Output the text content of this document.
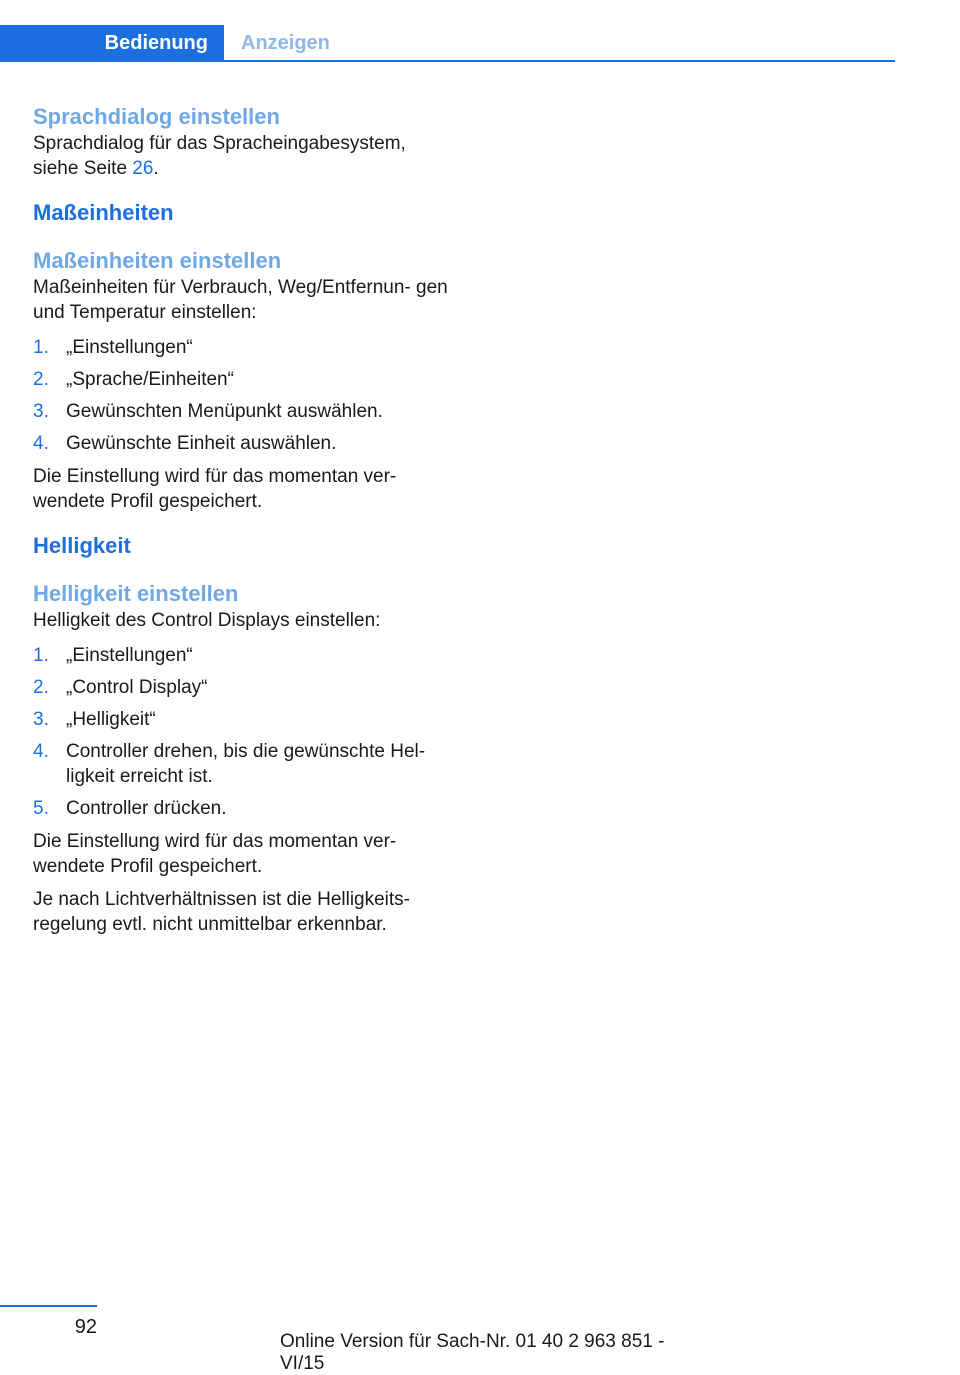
Bedienung	Anzeigen
Sprachdialog einstellen

Sprachdialog für das Spracheingabesystem, siehe Seite 26.

Maßeinheiten
Maßeinheiten einstellen

Maßeinheiten für Verbrauch, Weg/Entfernun‐ gen und Temperatur einstellen:

1. „Einstellungen“
2. „Sprache/Einheiten“
3. Gewünschten Menüpunkt auswählen.
4. Gewünschte Einheit auswählen.

Die Einstellung wird für das momentan ver‐ wendete Profil gespeichert.

Helligkeit
Helligkeit einstellen

Helligkeit des Control Displays einstellen:

1. „Einstellungen“
2. „Control Display“
3. „Helligkeit“
4. Controller drehen, bis die gewünschte Hel‐ ligkeit erreicht ist.
5. Controller drücken.

Die Einstellung wird für das momentan ver‐ wendete Profil gespeichert.

Je nach Lichtverhältnissen ist die Helligkeits‐ regelung evtl. nicht unmittelbar erkennbar.

92
Online Version für Sach-Nr. 01 40 2 963 851 - VI/15
